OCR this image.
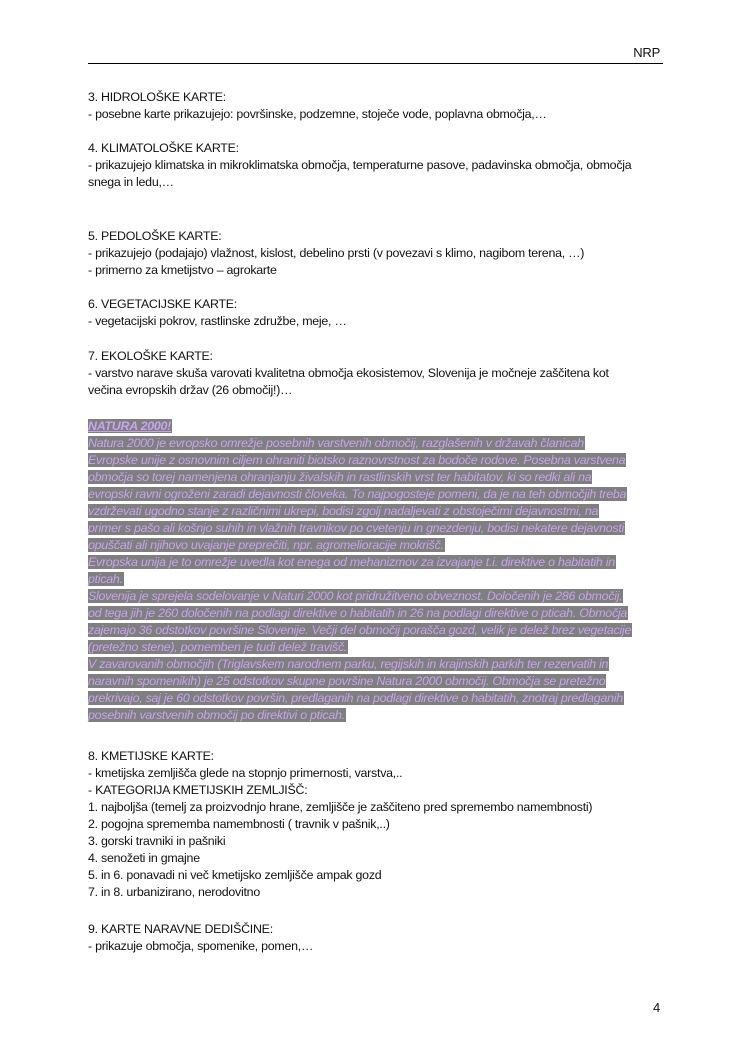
NRP
3. HIDROLOŠKE KARTE:
- posebne karte prikazujejo: površinske, podzemne, stoječe vode, poplavna območja,…
4. KLIMATOLOŠKE KARTE:
- prikazujejo klimatska in mikroklimatska območja, temperaturne pasove, padavinska območja, območja
snega in ledu,…
5. PEDOLOŠKE KARTE:
- prikazujejo (podajajo) vlažnost, kislost, debelino prsti (v povezavi s klimo, nagibom terena, …)
- primerno za kmetijstvo – agrokarte
6. VEGETACIJSKE KARTE:
- vegetacijski pokrov, rastlinske združbe, meje, …
7. EKOLOŠKE KARTE:
- varstvo narave skuša varovati kvalitetna območja ekosistemov, Slovenija je močneje zaščitena kot
večina evropskih držav (26 območij!)…
NATURA 2000!
Natura 2000 je evropsko omrežje posebnih varstvenih območij, razglašenih v državah članicah
Evropske unije z osnovnim ciljem ohraniti biotsko raznovrstnost za bodoče rodove. Posebna varstvena
območja so torej namenjena ohranjanju živalskih in rastlinskih vrst ter habitatov, ki so redki ali na
evropski ravni ogroženi zaradi dejavnosti človeka. To najpogosteje pomeni, da je na teh območjih treba
vzdrževati ugodno stanje z različnimi ukrepi, bodisi zgolj nadaljevati z obstoječimi dejavnostmi, na
primer s pašo ali košnjo suhih in vlažnih travnikov po cvetenju in gnezdenju, bodisi nekatere dejavnosti
opuščati ali njihovo uvajanje preprečiti, npr. agromelioracije mokrišč.
Evropska unija je to omrežje uvedla kot enega od mehanizmov za izvajanje t.i. direktive o habitatih in
pticah.
Slovenija je sprejela sodelovanje v Naturi 2000 kot pridružitveno obveznost. Določenih je 286 območij,
od tega jih je 260 določenih na podlagi direktive o habitatih in 26 na podlagi direktive o pticah. Območja
zajemajo 36 odstotkov površine Slovenije. Večji del območij porašča gozd, velik je delež brez vegetacije
(pretežno stene), pomemben je tudi delež travišč.
V zavarovanih območjih (Triglavskem narodnem parku, regijskih in krajinskih parkih ter rezervatih in
naravnih spomenikih) je 25 odstotkov skupne površine Natura 2000 območij. Območja se pretežno
prekrivajo, saj je 60 odstotkov površin, predlaganih na podlagi direktive o habitatih, znotraj predlaganih
posebnih varstvenih območij po direktivi o pticah.
8. KMETIJSKE KARTE:
- kmetijska zemljišča glede na stopnjo primernosti, varstva,..
- KATEGORIJA KMETIJSKIH ZEMLJIŠČ:
1. najboljša (temelj za proizvodnjo hrane, zemljišče je zaščiteno pred spremembo namembnosti)
2. pogojna sprememba namembnosti ( travnik v pašnik,..)
3. gorski travniki in pašniki
4. senožeti in gmajne
5. in 6. ponavadi ni več kmetijsko zemljišče ampak gozd
7. in 8. urbanizirano, nerodovitno
9. KARTE NARAVNE DEDIŠČINE:
- prikazuje območja, spomenike, pomen,…
4
